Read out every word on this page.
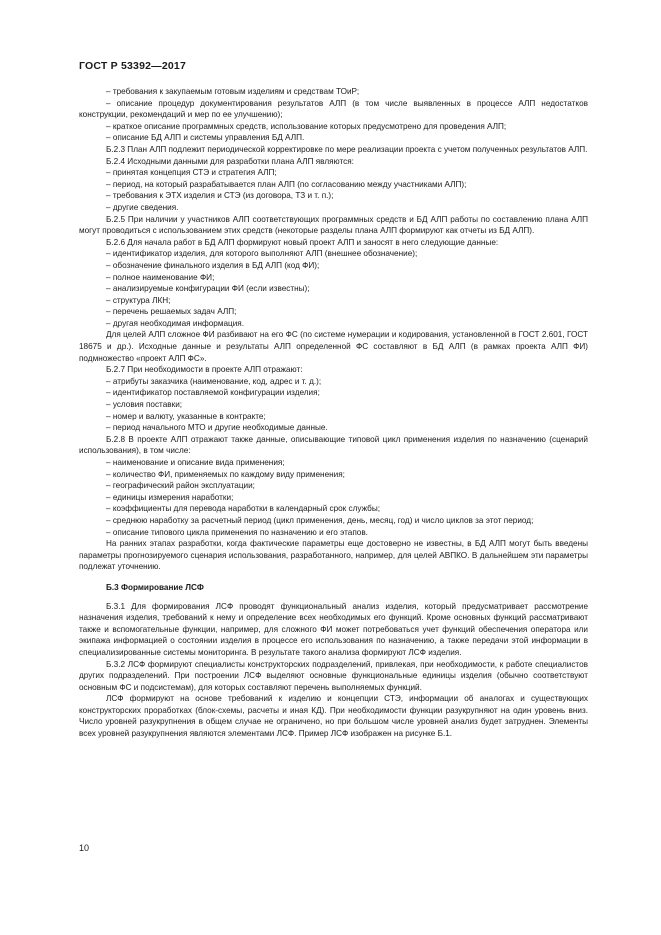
ГОСТ Р 53392—2017

– требования к закупаемым готовым изделиям и средствам ТОиР;

– описание процедур документирования результатов АЛП (в том числе выявленных в процессе АЛП недостатков конструкции, рекомендаций и мер по ее улучшению);

– краткое описание программных средств, использование которых предусмотрено для проведения АЛП;

– описание БД АЛП и системы управления БД АЛП.

Б.2.3 План АЛП подлежит периодической корректировке по мере реализации проекта с учетом полученных результатов АЛП.

Б.2.4 Исходными данными для разработки плана АЛП являются:

– принятая концепция СТЭ и стратегия АЛП;

– период, на который разрабатывается план АЛП (по согласованию между участниками АЛП);

– требования к ЭТХ изделия и СТЭ (из договора, ТЗ и т. п.);

– другие сведения.

Б.2.5 При наличии у участников АЛП соответствующих программных средств и БД АЛП работы по составлению плана АЛП могут проводиться с использованием этих средств (некоторые разделы плана АЛП формируют как отчеты из БД АЛП).

Б.2.6 Для начала работ в БД АЛП формируют новый проект АЛП и заносят в него следующие данные:

– идентификатор изделия, для которого выполняют АЛП (внешнее обозначение);

– обозначение финального изделия в БД АЛП (код ФИ);

– полное наименование ФИ;

– анализируемые конфигурации ФИ (если известны);

– структура ЛКН;

– перечень решаемых задач АЛП;

– другая необходимая информация.

Для целей АЛП сложное ФИ разбивают на его ФС (по системе нумерации и кодирования, установленной в ГОСТ 2.601, ГОСТ 18675 и др.). Исходные данные и результаты АЛП определенной ФС составляют в БД АЛП (в рамках проекта АЛП ФИ) подмножество «проект АЛП ФС».

Б.2.7 При необходимости в проекте АЛП отражают:

– атрибуты заказчика (наименование, код, адрес и т. д.);

– идентификатор поставляемой конфигурации изделия;

– условия поставки;

– номер и валюту, указанные в контракте;

– период начального МТО и другие необходимые данные.

Б.2.8 В проекте АЛП отражают также данные, описывающие типовой цикл применения изделия по назначению (сценарий использования), в том числе:

– наименование и описание вида применения;

– количество ФИ, применяемых по каждому виду применения;

– географический район эксплуатации;

– единицы измерения наработки;

– коэффициенты для перевода наработки в календарный срок службы;

– среднюю наработку за расчетный период (цикл применения, день, месяц, год) и число циклов за этот период;

– описание типового цикла применения по назначению и его этапов.

На ранних этапах разработки, когда фактические параметры еще достоверно не известны, в БД АЛП могут быть введены параметры прогнозируемого сценария использования, разработанного, например, для целей АВПКО. В дальнейшем эти параметры подлежат уточнению.

Б.3 Формирование ЛСФ

Б.3.1 Для формирования ЛСФ проводят функциональный анализ изделия, который предусматривает рассмотрение назначения изделия, требований к нему и определение всех необходимых его функций. Кроме основных функций рассматривают также и вспомогательные функции, например, для сложного ФИ может потребоваться учет функций обеспечения оператора или экипажа информацией о состоянии изделия в процессе его использования по назначению, а также передачи этой информации в специализированные системы мониторинга. В результате такого анализа формируют ЛСФ изделия.

Б.3.2 ЛСФ формируют специалисты конструкторских подразделений, привлекая, при необходимости, к работе специалистов других подразделений. При построении ЛСФ выделяют основные функциональные единицы изделия (обычно соответствуют основным ФС и подсистемам), для которых составляют перечень выполняемых функций.

ЛСФ формируют на основе требований к изделию и концепции СТЭ, информации об аналогах и существующих конструкторских проработках (блок-схемы, расчеты и иная КД). При необходимости функции разукрупняют на один уровень вниз. Число уровней разукрупнения в общем случае не ограничено, но при большом числе уровней анализ будет затруднен. Элементы всех уровней разукрупнения являются элементами ЛСФ. Пример ЛСФ изображен на рисунке Б.1.

10
